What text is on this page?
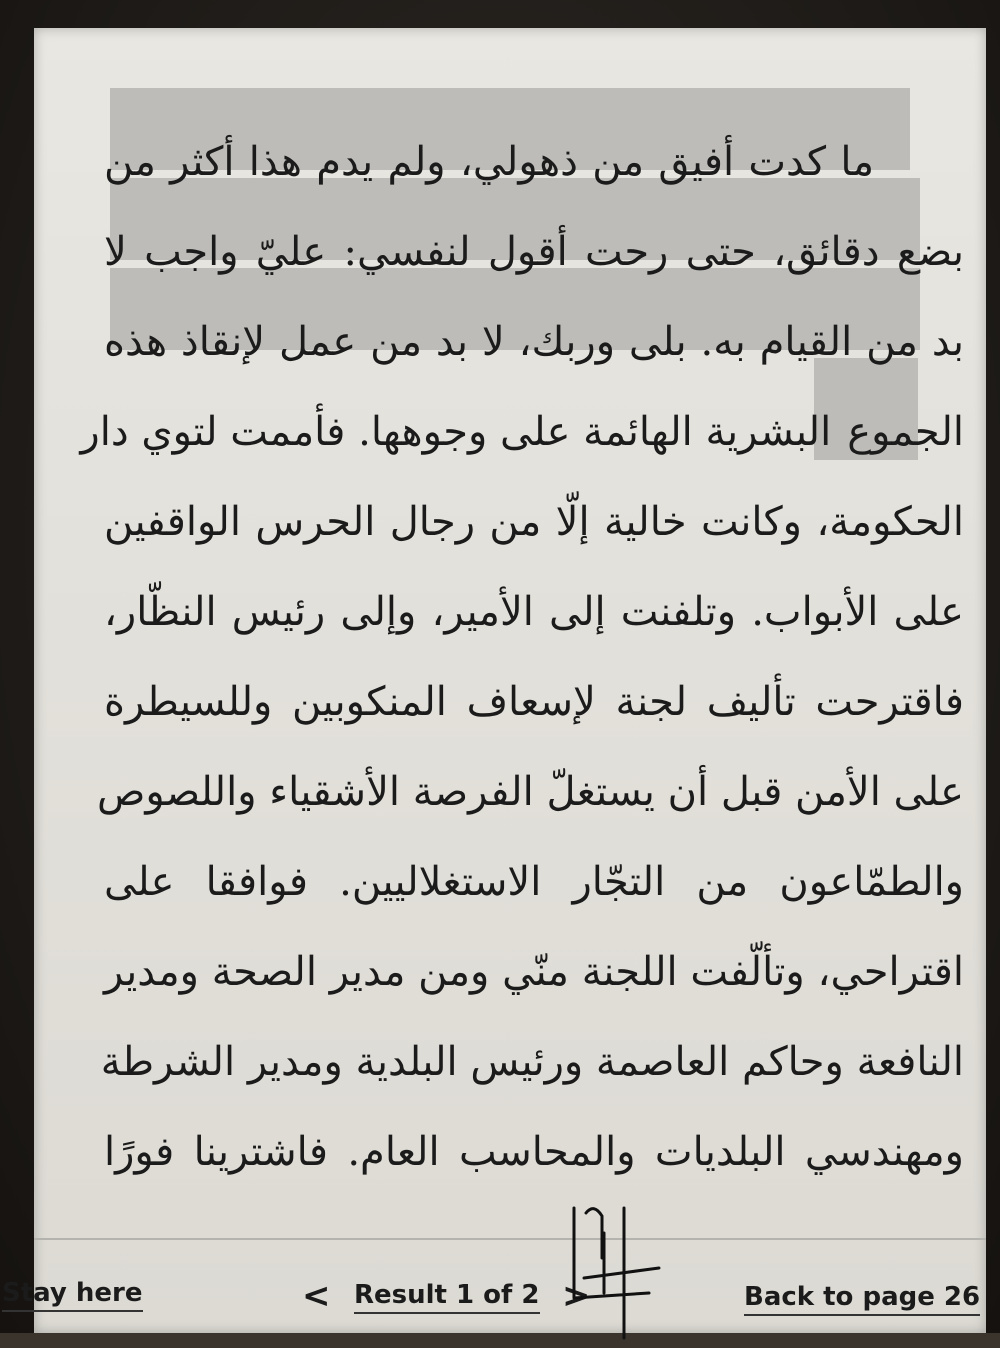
ما كدت أفيق من ذهولي، ولم يدم هذا أكثر من
بضع دقائق، حتى رحت أقول لنفسي: عليّ واجب لا
بد من القيام به. بلى وربك، لا بد من عمل لإنقاذ هذه
الجموع
البشرية الهائمة على وجوهها. فأممت لتوي دار
الحكومة، وكانت خالية إلّا من رجال الحرس الواقفين
على الأبواب. وتلفنت إلى الأمير، وإلى رئيس النظّار،
فاقترحت تأليف لجنة لإسعاف المنكوبين وللسيطرة
على الأمن قبل أن يستغلّ الفرصة الأشقياء واللصوص
والطمّاعون من التجّار الاستغلاليين. فوافقا على
اقتراحي، وتألّفت اللجنة منّي ومن مدير الصحة ومدير
النافعة وحاكم العاصمة ورئيس البلدية ومدير الشرطة
ومهندسي البلديات والمحاسب العام. فاشترينا فورًا
Stay here	< Result 1 of 2 >	Back to page 26
